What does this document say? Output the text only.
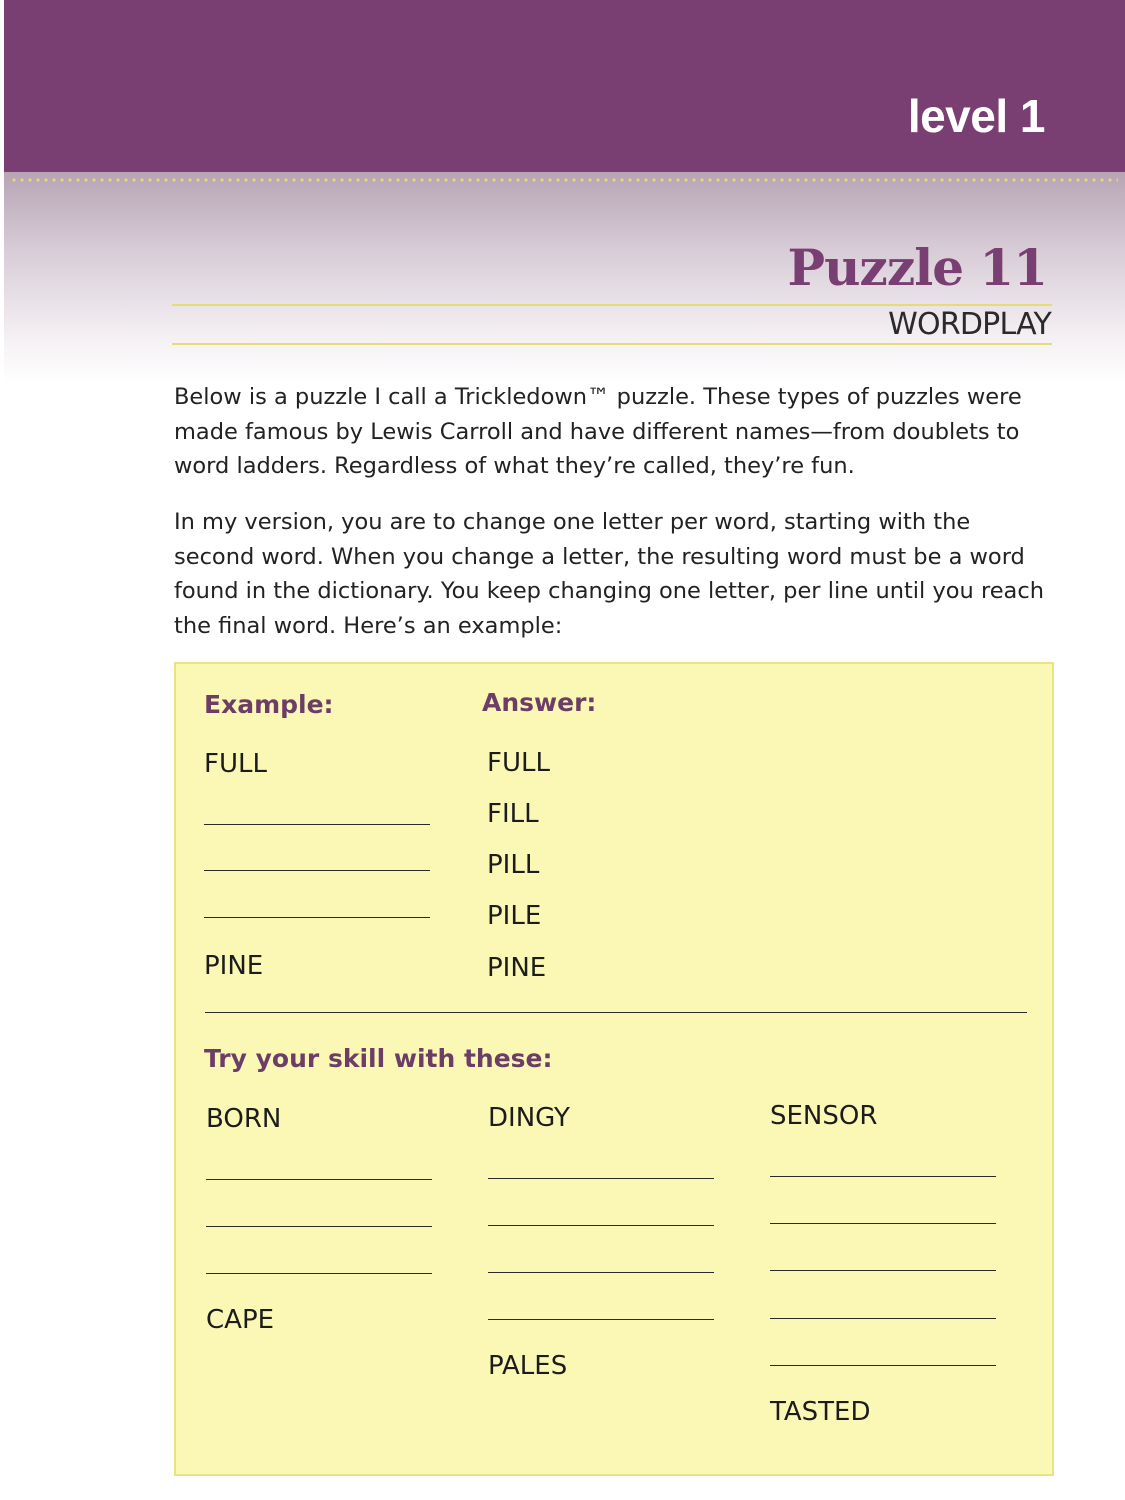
level 1
Puzzle 11
WORDPLAY

Below is a puzzle I call a Trickledown™ puzzle. These types of puzzles were made famous by Lewis Carroll and have different names—from doublets to word ladders. Regardless of what they’re called, they’re fun.

In my version, you are to change one letter per word, starting with the second word. When you change a letter, the resulting word must be a word found in the dictionary. You keep changing one letter, per line until you reach the final word. Here’s an example:

Example:
FULL
PINE
Answer:
FULL
FILL
PILL
PILE
PINE
Try your skill with these:
BORN
CAPE
DINGY
PALES
SENSOR
TASTED
